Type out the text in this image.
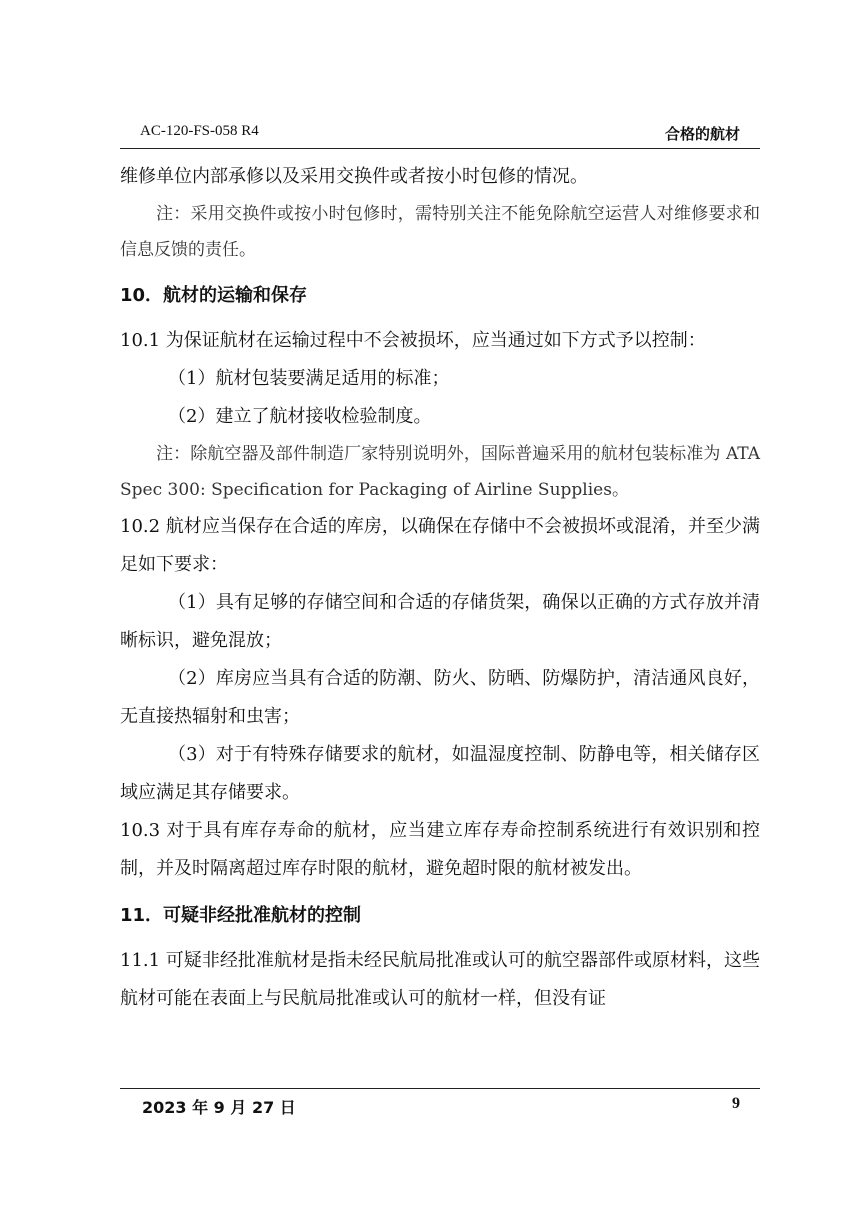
AC-120-FS-058 R4	合格的航材

维修单位内部承修以及采用交换件或者按小时包修的情况。

注：采用交换件或按小时包修时，需特别关注不能免除航空运营人对维修要求和信息反馈的责任。

10．航材的运输和保存

10.1 为保证航材在运输过程中不会被损坏，应当通过如下方式予以控制：

（1）航材包装要满足适用的标准；

（2）建立了航材接收检验制度。

注：除航空器及部件制造厂家特别说明外，国际普遍采用的航材包装标准为 ATA Spec 300: Specification for Packaging of Airline Supplies。

10.2 航材应当保存在合适的库房，以确保在存储中不会被损坏或混淆，并至少满足如下要求：

（1）具有足够的存储空间和合适的存储货架，确保以正确的方式存放并清晰标识，避免混放；

（2）库房应当具有合适的防潮、防火、防晒、防爆防护，清洁通风良好，无直接热辐射和虫害；

（3）对于有特殊存储要求的航材，如温湿度控制、防静电等，相关储存区域应满足其存储要求。

10.3 对于具有库存寿命的航材，应当建立库存寿命控制系统进行有效识别和控制，并及时隔离超过库存时限的航材，避免超时限的航材被发出。

11．可疑非经批准航材的控制

11.1 可疑非经批准航材是指未经民航局批准或认可的航空器部件或原材料，这些航材可能在表面上与民航局批准或认可的航材一样，但没有证

2023 年 9 月 27 日	9
